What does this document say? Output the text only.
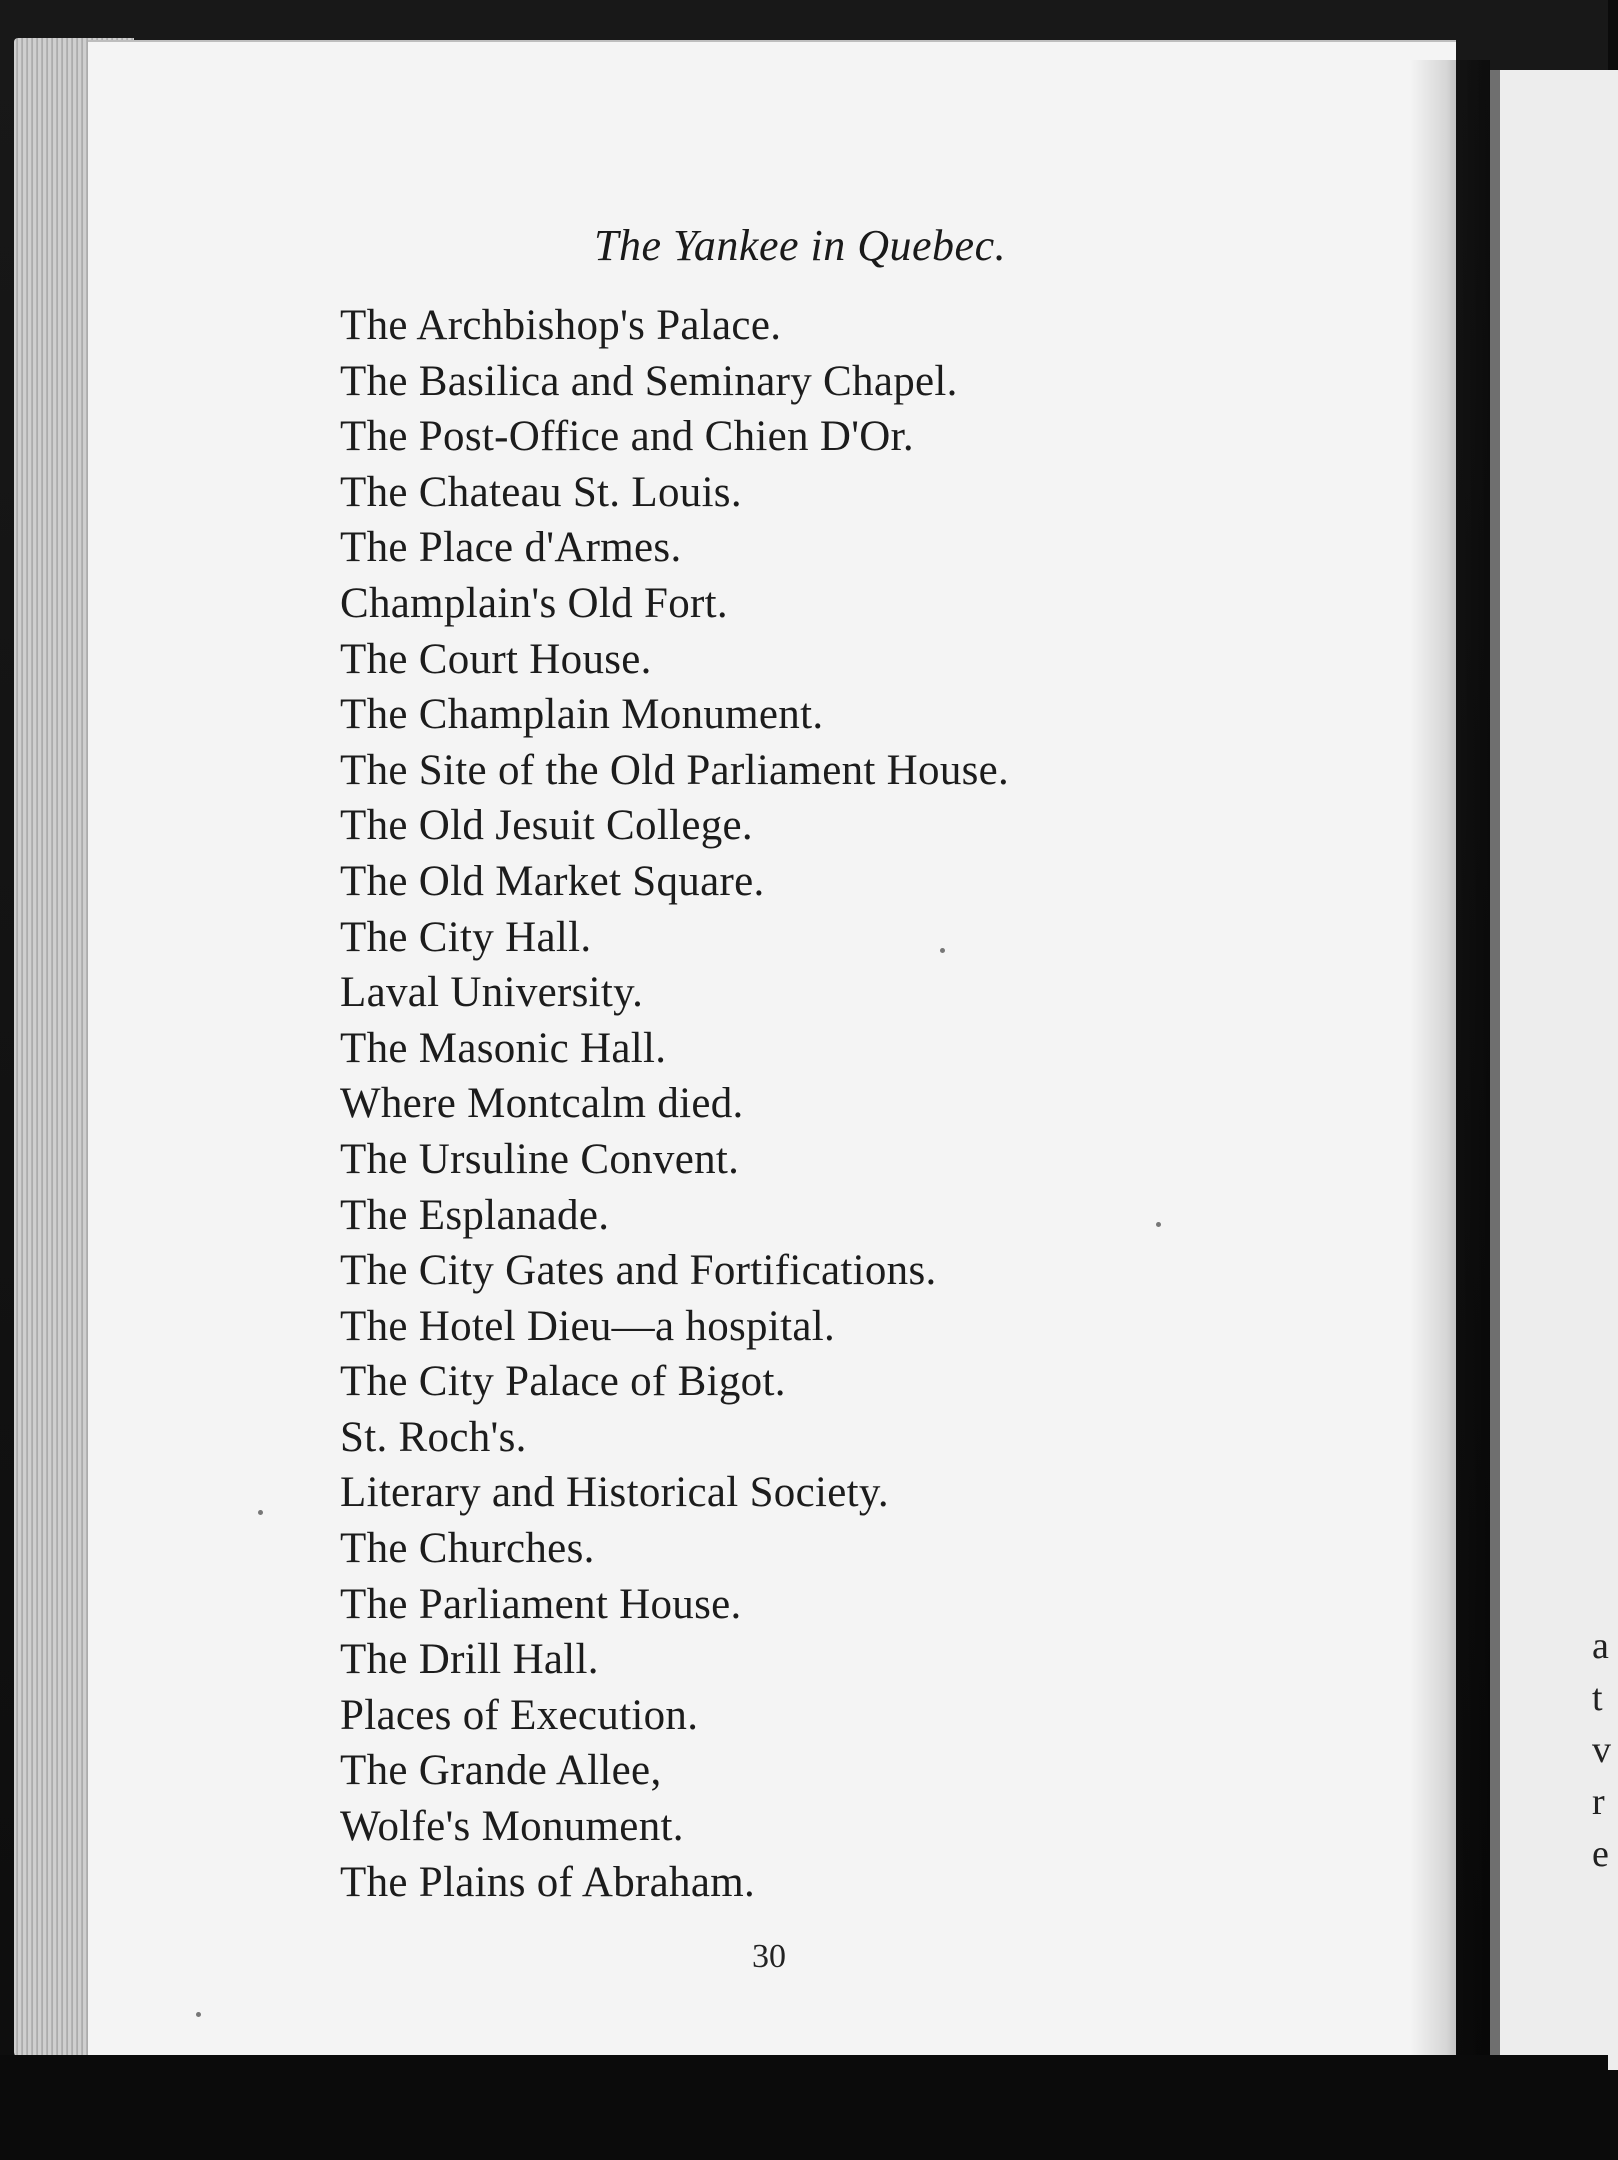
a
t
v
r
e
The Yankee in Quebec.
The Archbishop's Palace.
The Basilica and Seminary Chapel.
The Post-Office and Chien D'Or.
The Chateau St. Louis.
The Place d'Armes.
Champlain's Old Fort.
The Court House.
The Champlain Monument.
The Site of the Old Parliament House.
The Old Jesuit College.
The Old Market Square.
The City Hall.
Laval University.
The Masonic Hall.
Where Montcalm died.
The Ursuline Convent.
The Esplanade.
The City Gates and Fortifications.
The Hotel Dieu—a hospital.
The City Palace of Bigot.
St. Roch's.
Literary and Historical Society.
The Churches.
The Parliament House.
The Drill Hall.
Places of Execution.
The Grande Allee,
Wolfe's Monument.
The Plains of Abraham.
30
